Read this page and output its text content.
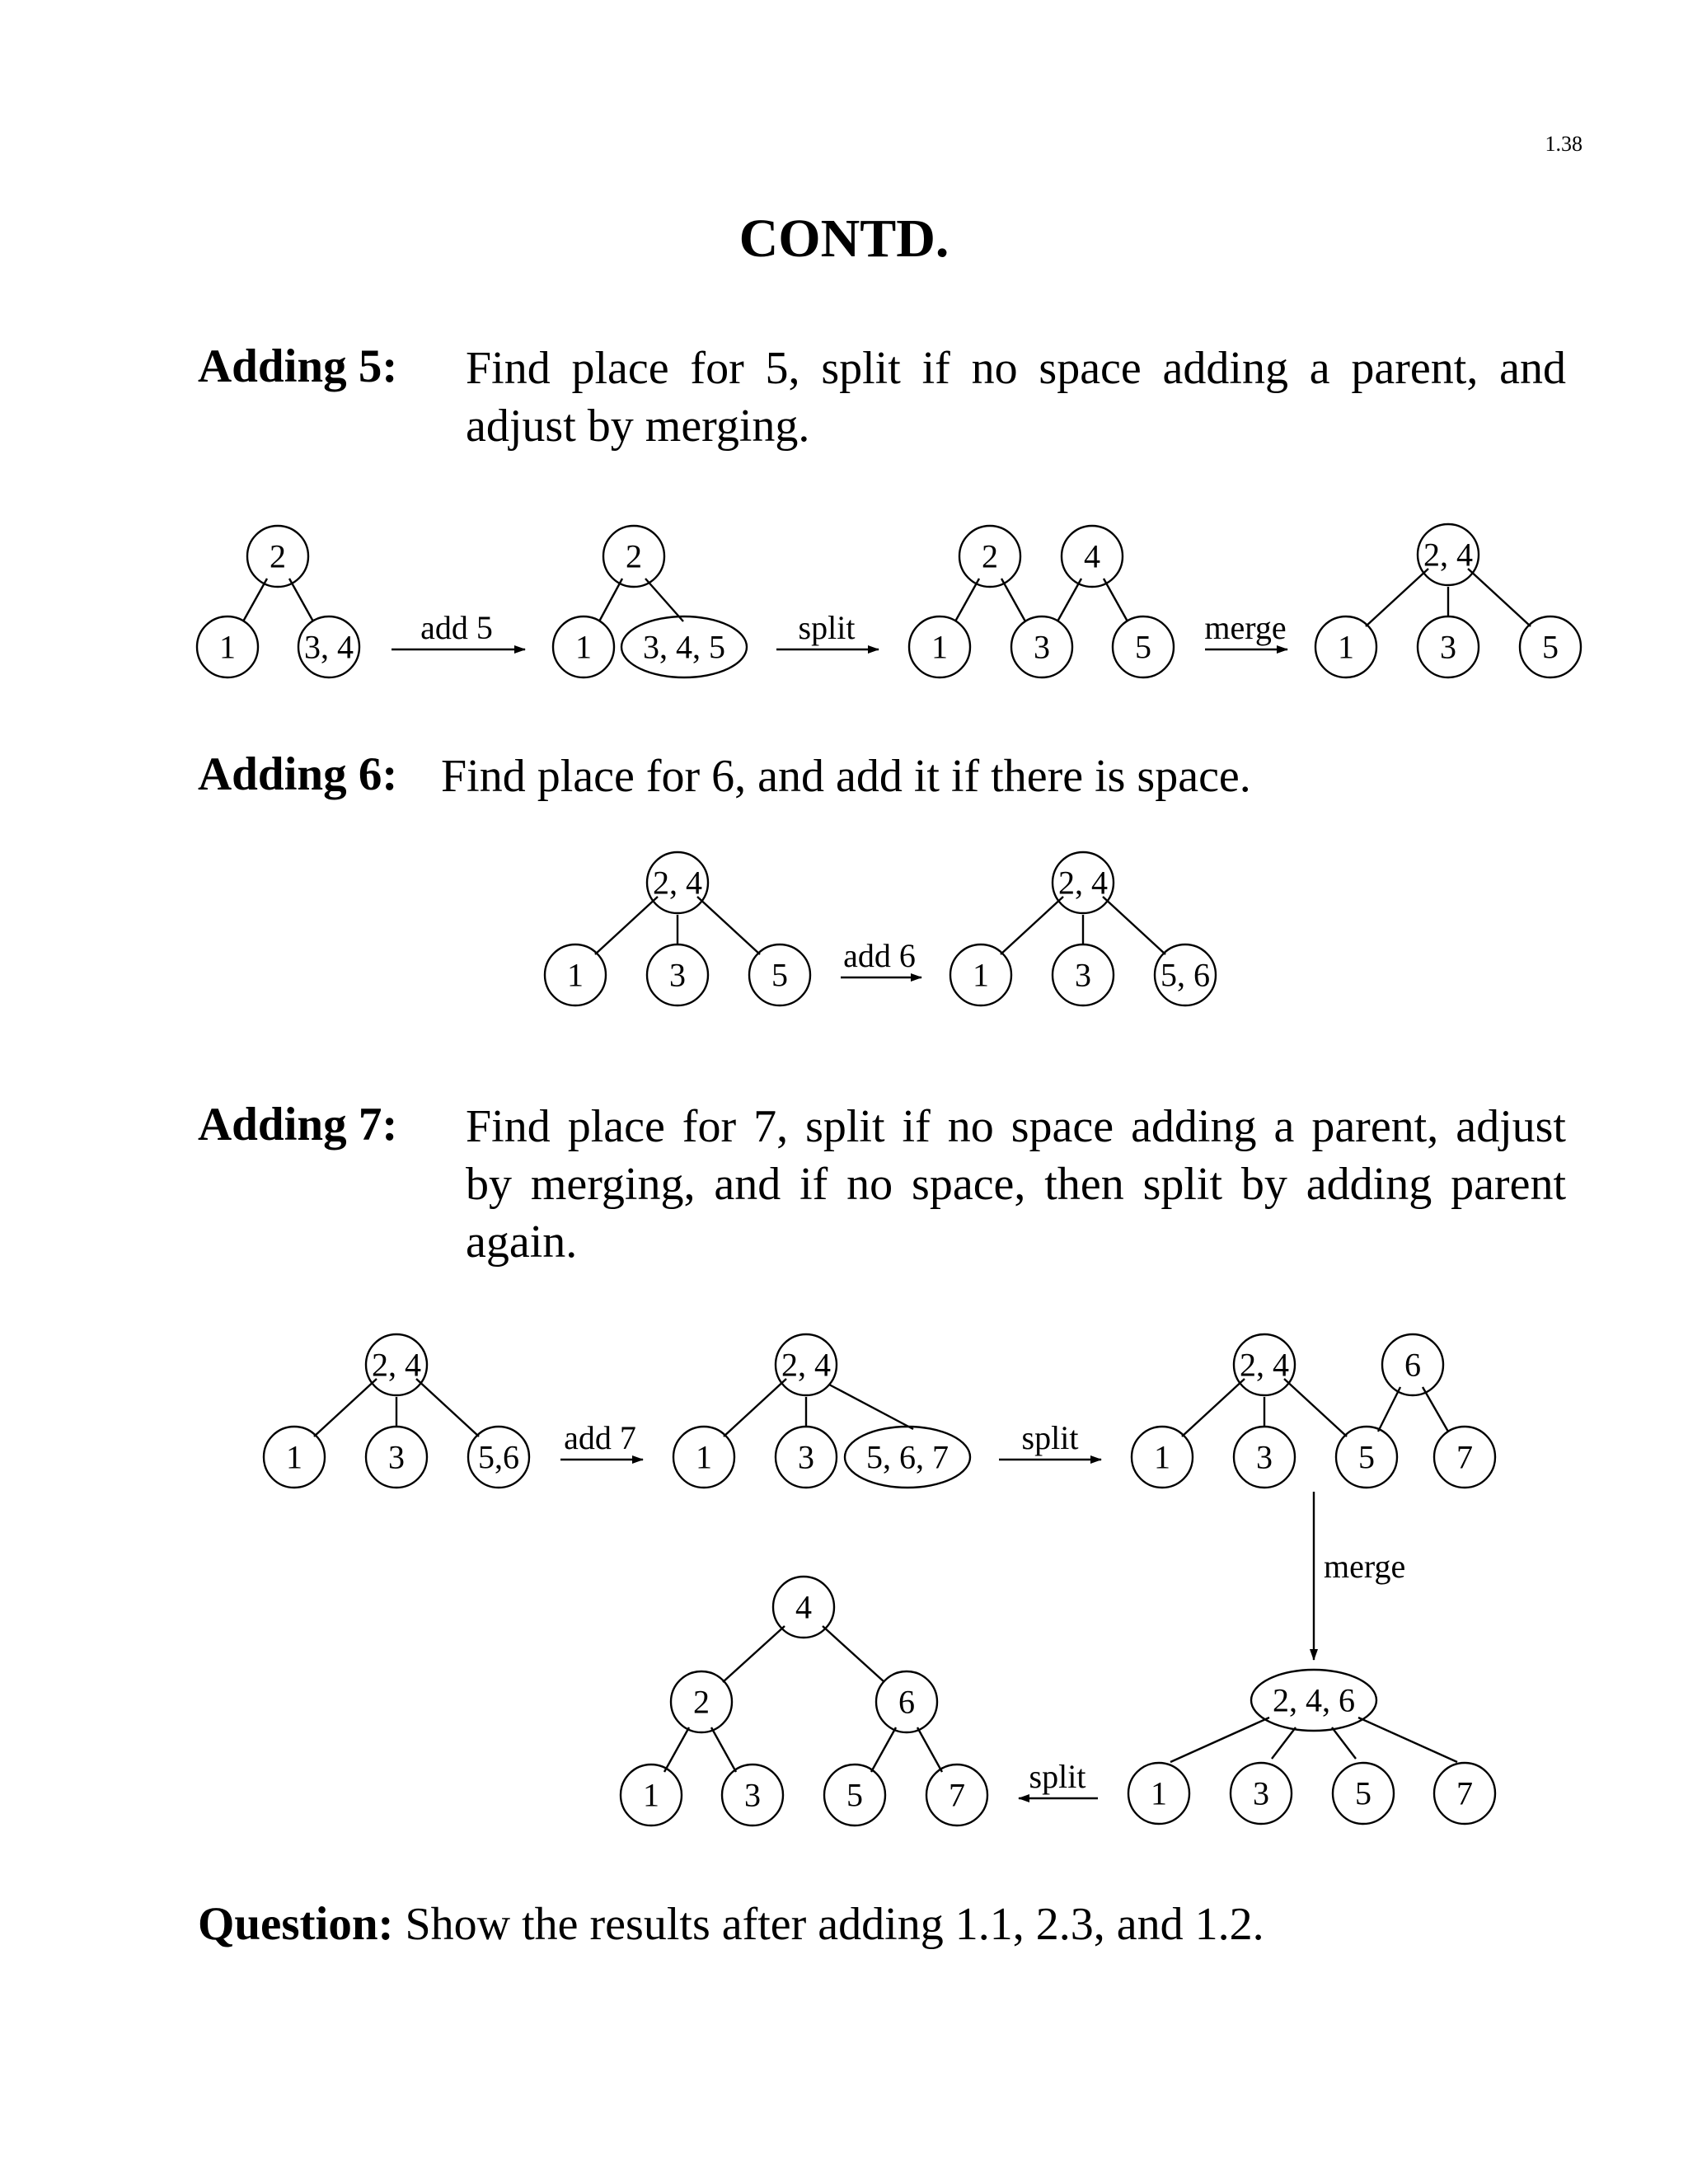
1.38
CONTD.
Adding 5: Find place for 5, split if no space adding a parent, and
adjust by merging.
Adding 6: Find place for 6, and add it if there is space.
Adding 7: Find place for 7, split if no space adding a parent, adjust
by merging, and if no space, then split by adding parent
again.
Question: Show the results after adding 1.1, 2.3, and 1.2.
2
1 3, 4
add 5
2
1 3, 4, 5
split
2	4
1	3	5
merge
2, 4
1	3	5
2, 4
1	3	5
add 6
2, 4
1	3 5, 6
2, 4
1	3 5,6
add 7
2, 4
1	3 5, 6, 7
split
2, 4	6
1	3	5 7
merge
2, 4, 6
1	3	5	7
split
4
2	6
1	3	5	7
